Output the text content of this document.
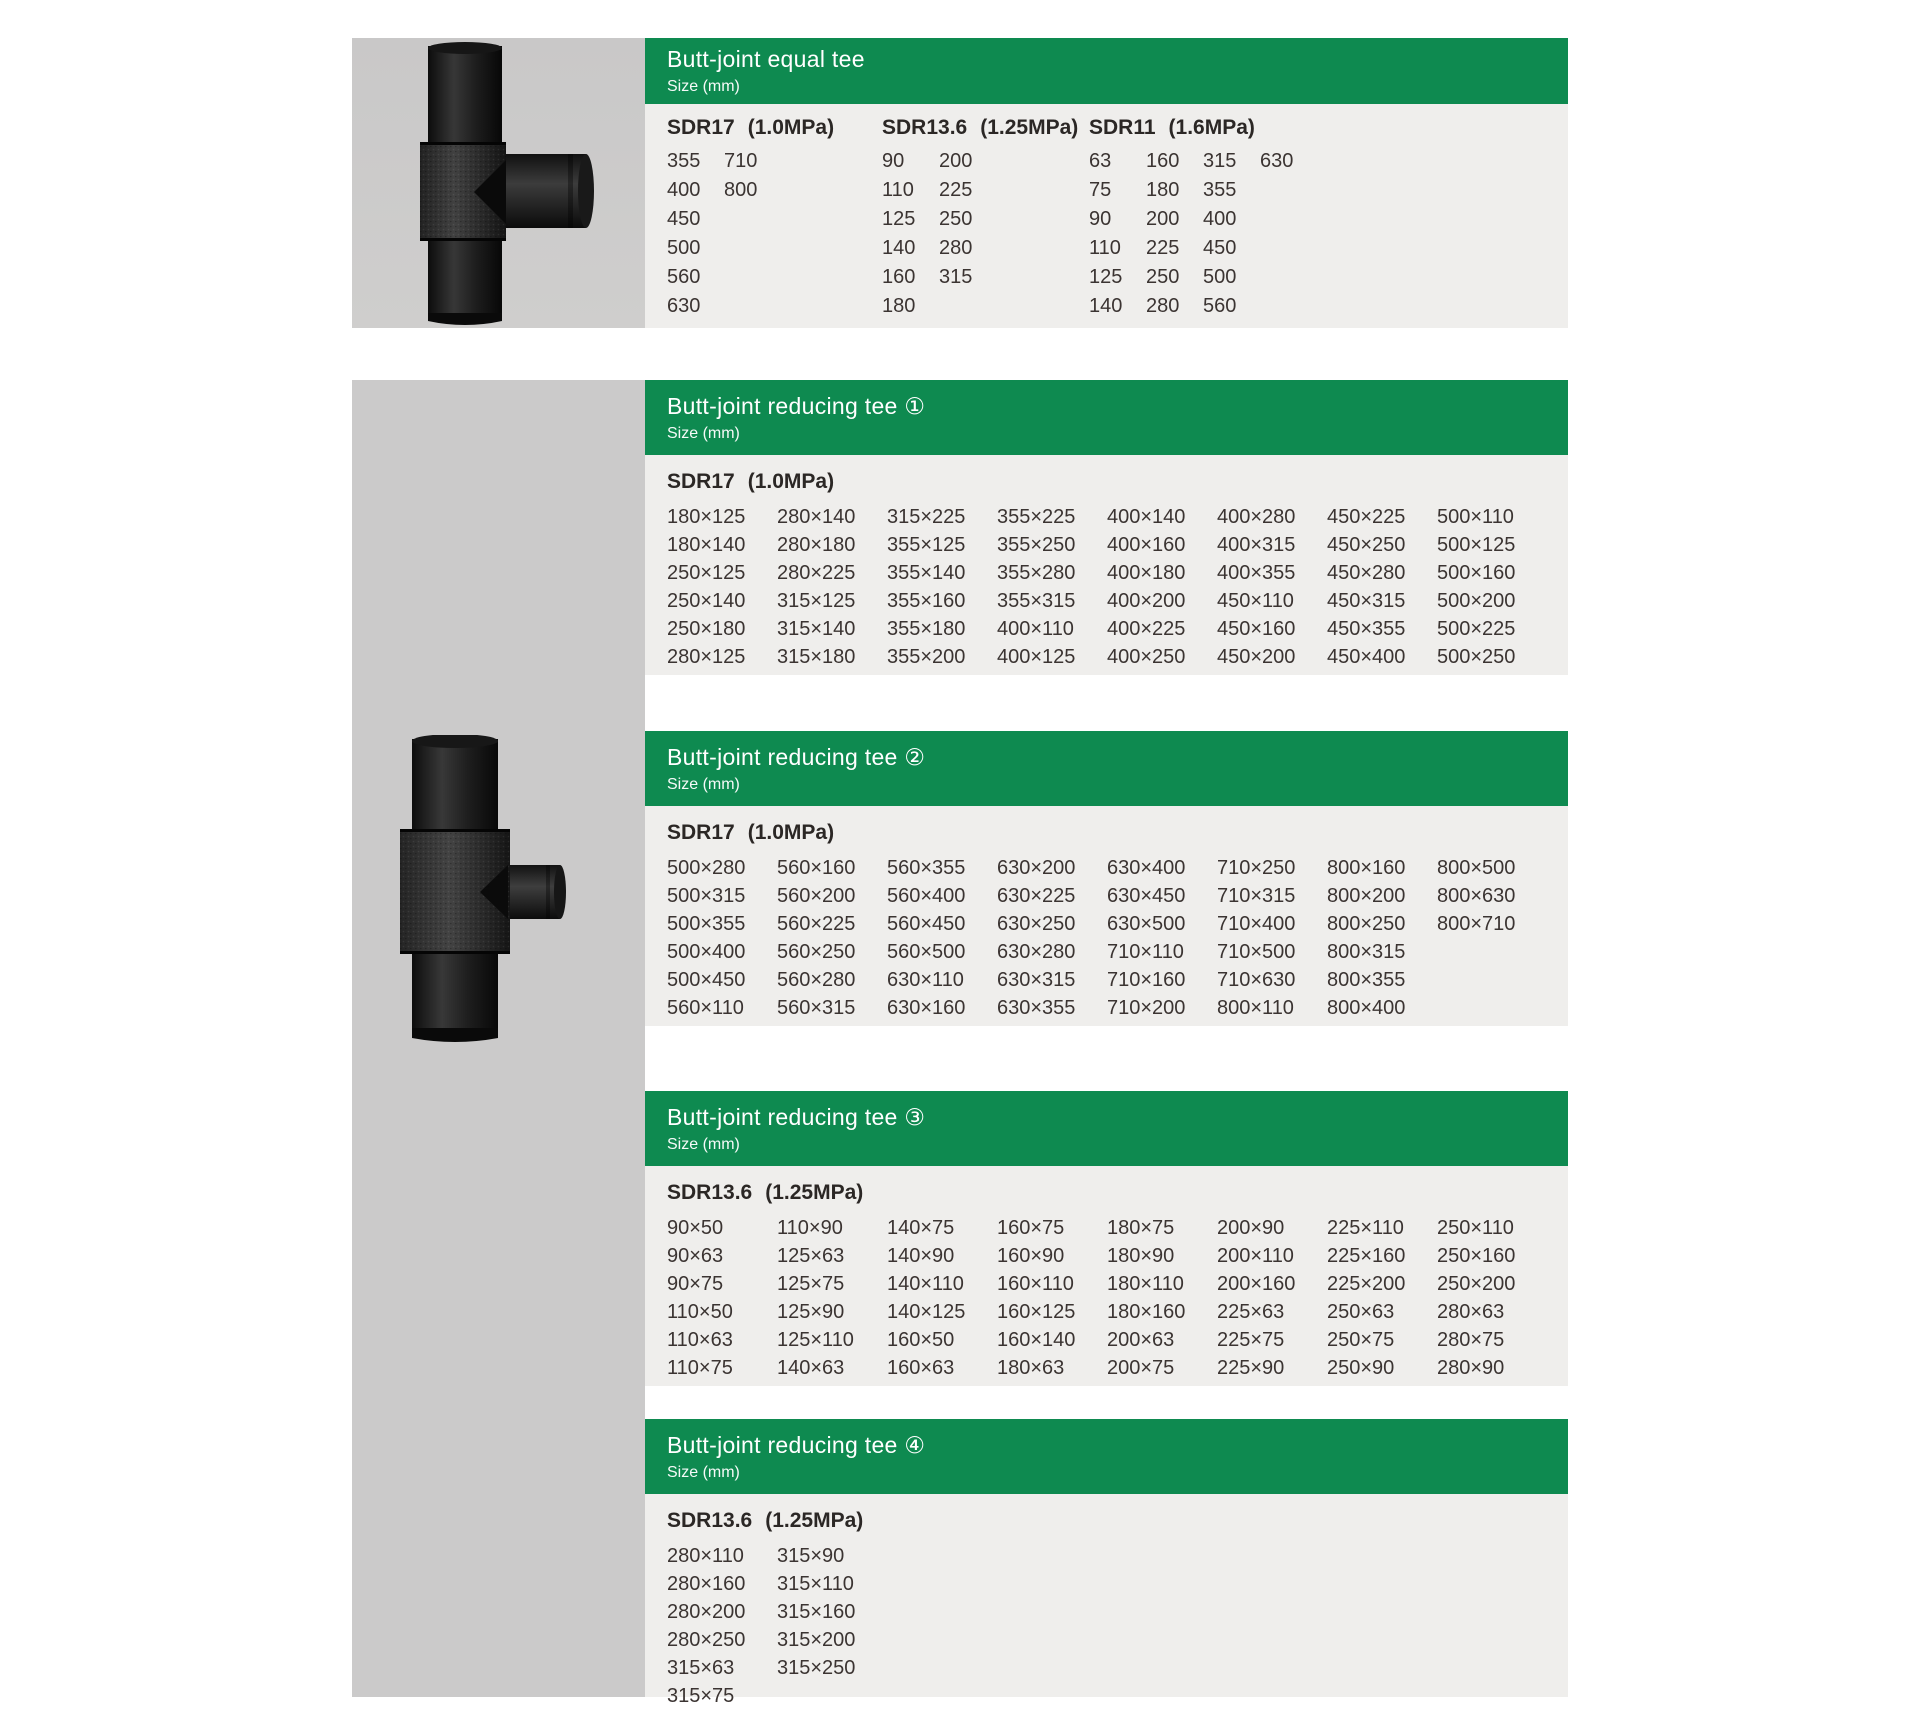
Butt-joint equal tee
Size (mm)
SDR17 (1.0MPa)
355
400
450
500
560
630
710
800
SDR13.6 (1.25MPa)
90
110
125
140
160
180
200
225
250
280
315
SDR11 (1.6MPa)
63
75
90
110
125
140
160
180
200
225
250
280
315
355
400
450
500
560
630
Butt-joint reducing tee ①
Size (mm)
SDR17 (1.0MPa)
180×125
180×140
250×125
250×140
250×180
280×125
280×140
280×180
280×225
315×125
315×140
315×180
315×225
355×125
355×140
355×160
355×180
355×200
355×225
355×250
355×280
355×315
400×110
400×125
400×140
400×160
400×180
400×200
400×225
400×250
400×280
400×315
400×355
450×110
450×160
450×200
450×225
450×250
450×280
450×315
450×355
450×400
500×110
500×125
500×160
500×200
500×225
500×250
Butt-joint reducing tee ②
Size (mm)
SDR17 (1.0MPa)
500×280
500×315
500×355
500×400
500×450
560×110
560×160
560×200
560×225
560×250
560×280
560×315
560×355
560×400
560×450
560×500
630×110
630×160
630×200
630×225
630×250
630×280
630×315
630×355
630×400
630×450
630×500
710×110
710×160
710×200
710×250
710×315
710×400
710×500
710×630
800×110
800×160
800×200
800×250
800×315
800×355
800×400
800×500
800×630
800×710
Butt-joint reducing tee ③
Size (mm)
SDR13.6 (1.25MPa)
90×50
90×63
90×75
110×50
110×63
110×75
110×90
125×63
125×75
125×90
125×110
140×63
140×75
140×90
140×110
140×125
160×50
160×63
160×75
160×90
160×110
160×125
160×140
180×63
180×75
180×90
180×110
180×160
200×63
200×75
200×90
200×110
200×160
225×63
225×75
225×90
225×110
225×160
225×200
250×63
250×75
250×90
250×110
250×160
250×200
280×63
280×75
280×90
Butt-joint reducing tee ④
Size (mm)
SDR13.6 (1.25MPa)
280×110
280×160
280×200
280×250
315×63
315×75
315×90
315×110
315×160
315×200
315×250
